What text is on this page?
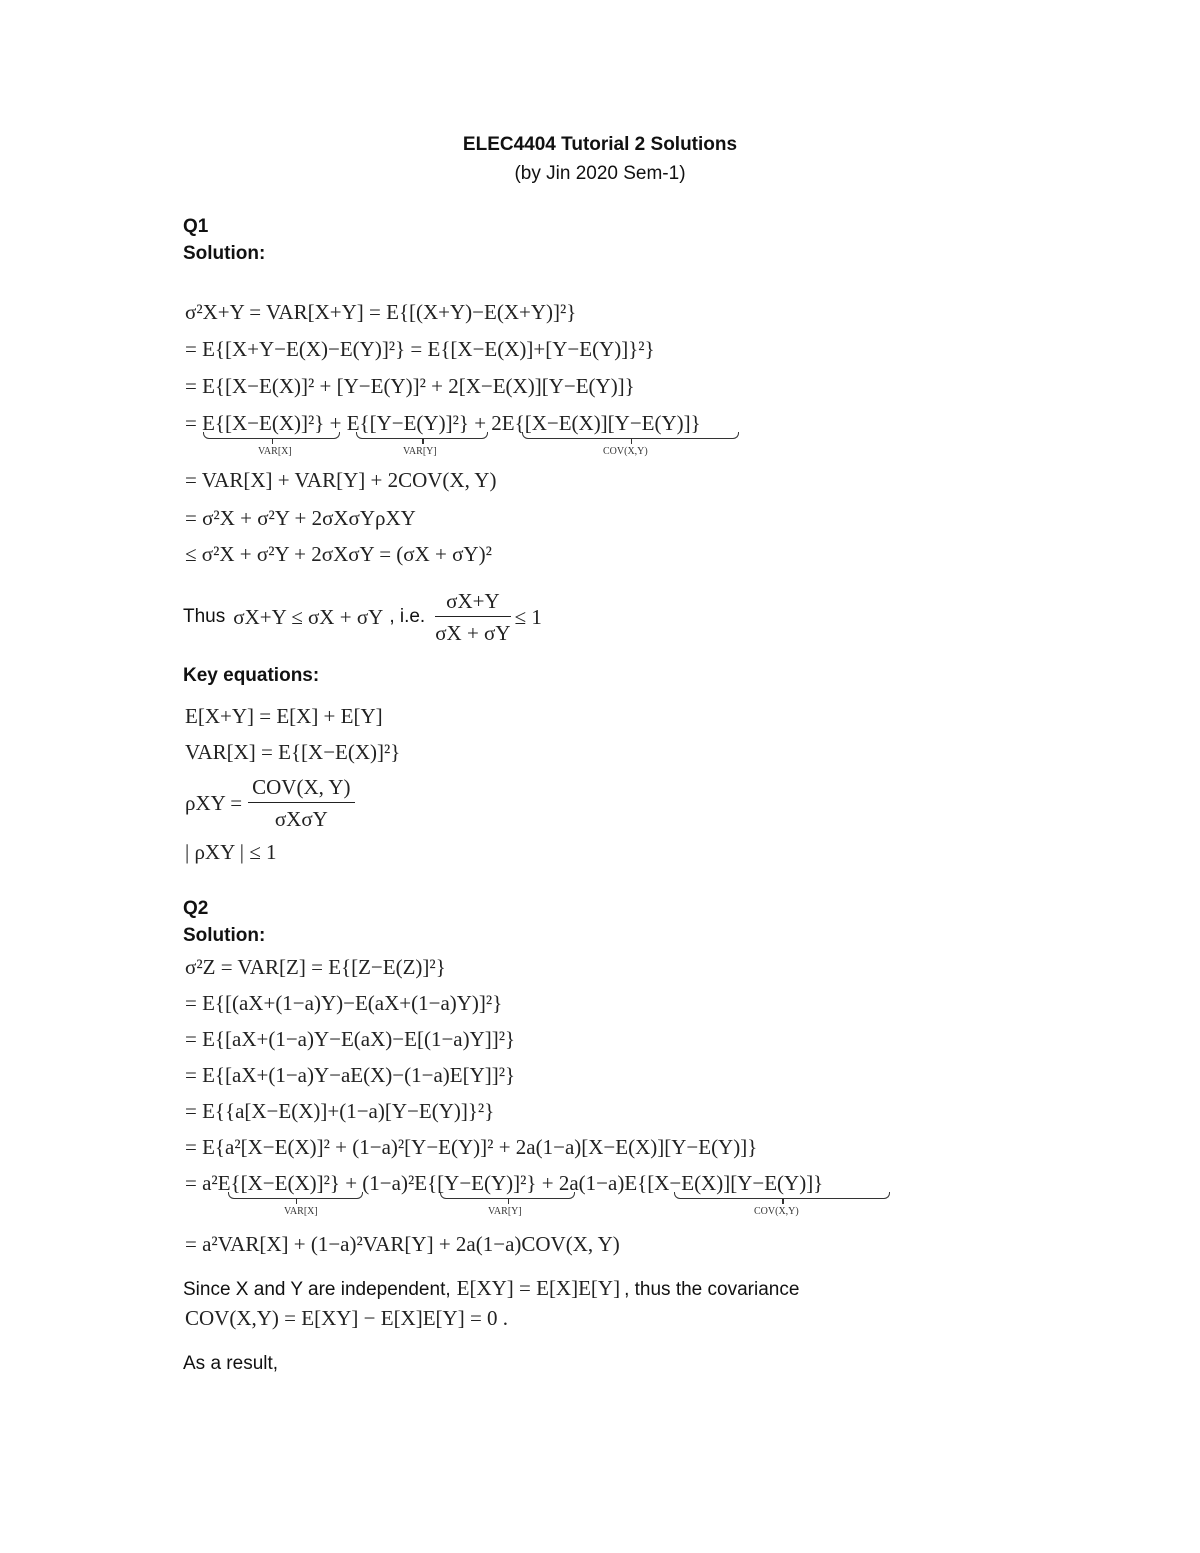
ELEC4404 Tutorial 2 Solutions
(by Jin 2020 Sem-1)
Q1
Solution:
σ²X+Y = VAR[X+Y] = E{[(X+Y)−E(X+Y)]²}
= E{[X+Y−E(X)−E(Y)]²} = E{[X−E(X)]+[Y−E(Y)]}²}
= E{[X−E(X)]² + [Y−E(Y)]² + 2[X−E(X)][Y−E(Y)]}
= E{[X−E(X)]²} + E{[Y−E(Y)]²} + 2E{[X−E(X)][Y−E(Y)]}
VAR[X]	VAR[Y]	COV(X,Y)
= VAR[X] + VAR[Y] + 2COV(X, Y)
= σ²X + σ²Y + 2σXσYρXY
≤ σ²X + σ²Y + 2σXσY = (σX + σY)²
Thus σX+Y ≤ σX + σY , i.e. $\frac{\sigma X+Y}{\sigma X + \sigma Y} \le 1$
Key equations:
E[X+Y] = E[X] + E[Y]
VAR[X] = E{[X−E(X)]²}
$\rho XY = \frac{\text{COV(X, Y)}}{\text{σXσY}}$
| ρXY | ≤ 1
Q2
Solution:
σ²Z = VAR[Z] = E{[Z−E(Z)]²}
= E{[(aX+(1−a)Y)−E(aX+(1−a)Y)]²}
= E{[aX+(1−a)Y−E(aX)−E[(1−a)Y]]²}
= E{[aX+(1−a)Y−aE(X)−(1−a)E[Y]]²}
= E{{a[X−E(X)]+(1−a)[Y−E(Y)]}²}
= E{a²[X−E(X)]² + (1−a)²[Y−E(Y)]² + 2a(1−a)[X−E(X)][Y−E(Y)]}
= a²E{[X−E(X)]²} + (1−a)²E{[Y−E(Y)]²} + 2a(1−a)E{[X−E(X)][Y−E(Y)]}
VAR[X]	VAR[Y]	COV(X,Y)
= a²VAR[X] + (1−a)²VAR[Y] + 2a(1−a)COV(X, Y)
Since X and Y are independent, E[XY] = E[X]E[Y] , thus the covariance
COV(X,Y) = E[XY] − E[X]E[Y] = 0 .
As a result,
